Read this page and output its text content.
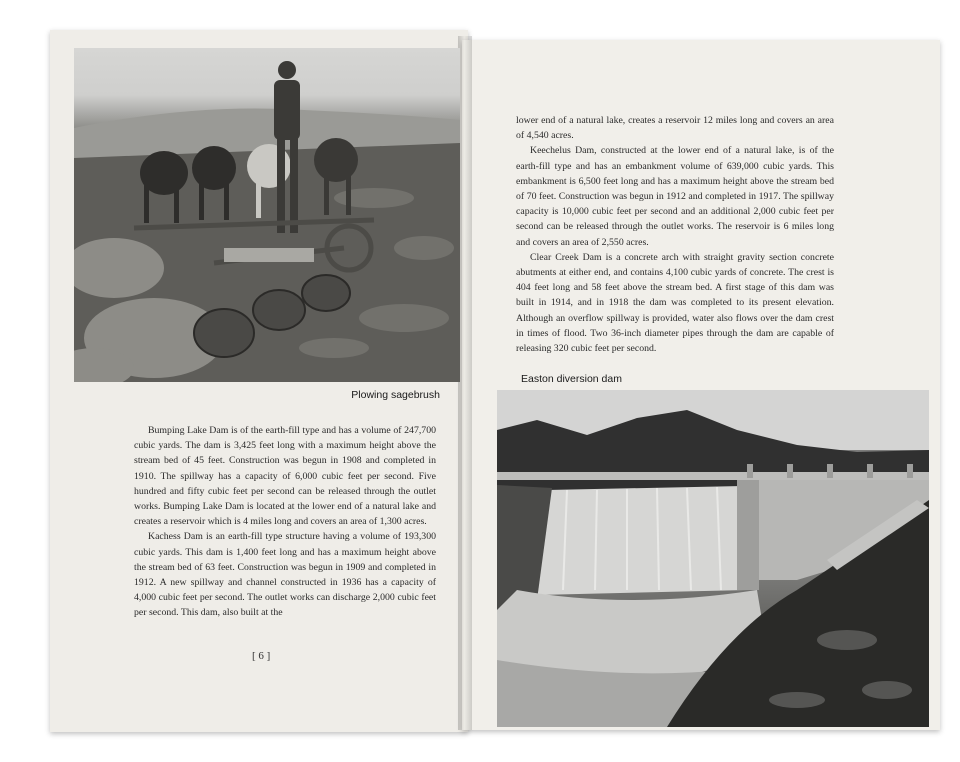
Plowing sagebrush

Bumping Lake Dam is of the earth-fill type and has a volume of 247,700 cubic yards. The dam is 3,425 feet long with a maximum height above the stream bed of 45 feet. Construction was begun in 1908 and completed in 1910. The spillway has a capacity of 6,000 cubic feet per second. Five hundred and fifty cubic feet per second can be released through the outlet works. Bumping Lake Dam is located at the lower end of a natural lake and creates a reservoir which is 4 miles long and covers an area of 1,300 acres.

Kachess Dam is an earth-fill type structure having a volume of 193,300 cubic yards. This dam is 1,400 feet long and has a maximum height above the stream bed of 63 feet. Construction was begun in 1909 and completed in 1912. A new spillway and channel constructed in 1936 has a capacity of 4,000 cubic feet per second. The outlet works can discharge 2,000 cubic feet per second. This dam, also built at the

[ 6 ]

lower end of a natural lake, creates a reservoir 12 miles long and covers an area of 4,540 acres.

Keechelus Dam, constructed at the lower end of a natural lake, is of the earth-fill type and has an embankment volume of 639,000 cubic yards. This embankment is 6,500 feet long and has a maximum height above the stream bed of 70 feet. Construction was begun in 1912 and completed in 1917. The spillway capacity is 10,000 cubic feet per second and an additional 2,000 cubic feet per second can be released through the outlet works. The reservoir is 6 miles long and covers an area of 2,550 acres.

Clear Creek Dam is a concrete arch with straight gravity section concrete abutments at either end, and contains 4,100 cubic yards of concrete. The crest is 404 feet long and 58 feet above the stream bed. A first stage of this dam was built in 1914, and in 1918 the dam was completed to its present elevation. Although an overflow spillway is provided, water also flows over the dam crest in times of flood. Two 36-inch diameter pipes through the dam are capable of releasing 320 cubic feet per second.

Easton diversion dam
